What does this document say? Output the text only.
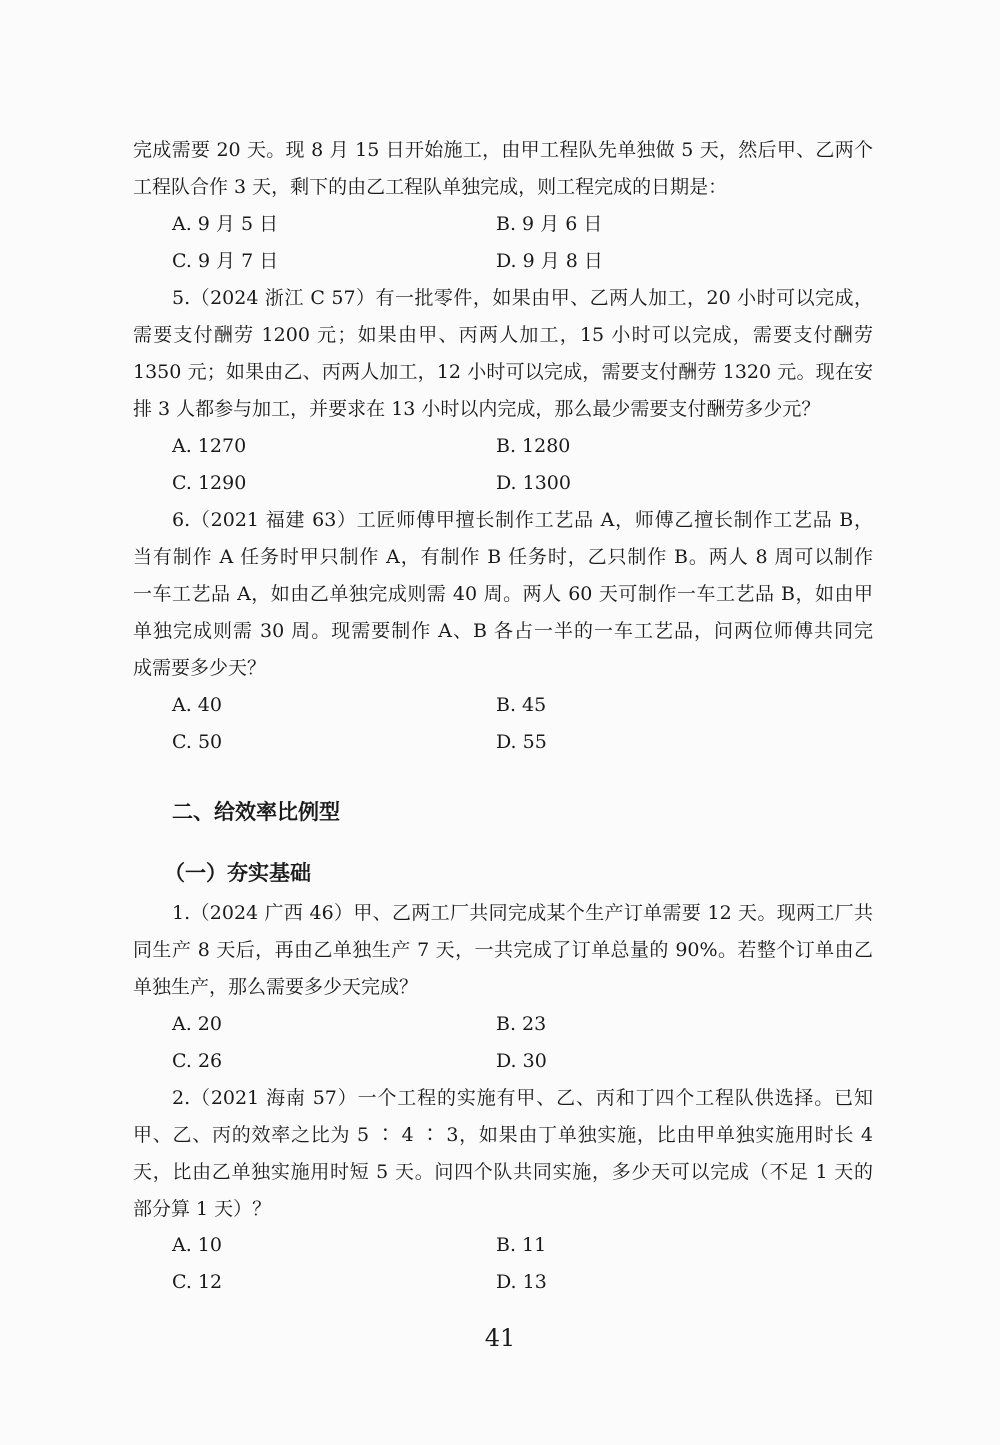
完成需要 20 天。现 8 月 15 日开始施工，由甲工程队先单独做 5 天，然后甲、乙两个
工程队合作 3 天，剩下的由乙工程队单独完成，则工程完成的日期是：
A. 9 月 5 日	B. 9 月 6 日
C. 9 月 7 日	D. 9 月 8 日
5.（2024 浙江 C 57）有一批零件，如果由甲、乙两人加工，20 小时可以完成，
需要支付酬劳 1200 元；如果由甲、丙两人加工，15 小时可以完成，需要支付酬劳
1350 元；如果由乙、丙两人加工，12 小时可以完成，需要支付酬劳 1320 元。现在安
排 3 人都参与加工，并要求在 13 小时以内完成，那么最少需要支付酬劳多少元？
A. 1270	B. 1280
C. 1290	D. 1300
6.（2021 福建 63）工匠师傅甲擅长制作工艺品 A，师傅乙擅长制作工艺品 B，
当有制作 A 任务时甲只制作 A，有制作 B 任务时，乙只制作 B。两人 8 周可以制作
一车工艺品 A，如由乙单独完成则需 40 周。两人 60 天可制作一车工艺品 B，如由甲
单独完成则需 30 周。现需要制作 A、B 各占一半的一车工艺品，问两位师傅共同完
成需要多少天？
A. 40	B. 45
C. 50	D. 55
二、给效率比例型
（一）夯实基础
1.（2024 广西 46）甲、乙两工厂共同完成某个生产订单需要 12 天。现两工厂共
同生产 8 天后，再由乙单独生产 7 天，一共完成了订单总量的 90%。若整个订单由乙
单独生产，那么需要多少天完成？
A. 20	B. 23
C. 26	D. 30
2.（2021 海南 57）一个工程的实施有甲、乙、丙和丁四个工程队供选择。已知
甲、乙、丙的效率之比为 5 ∶ 4 ∶ 3，如果由丁单独实施，比由甲单独实施用时长 4
天，比由乙单独实施用时短 5 天。问四个队共同实施，多少天可以完成（不足 1 天的
部分算 1 天）？
A. 10	B. 11
C. 12	D. 13
41
